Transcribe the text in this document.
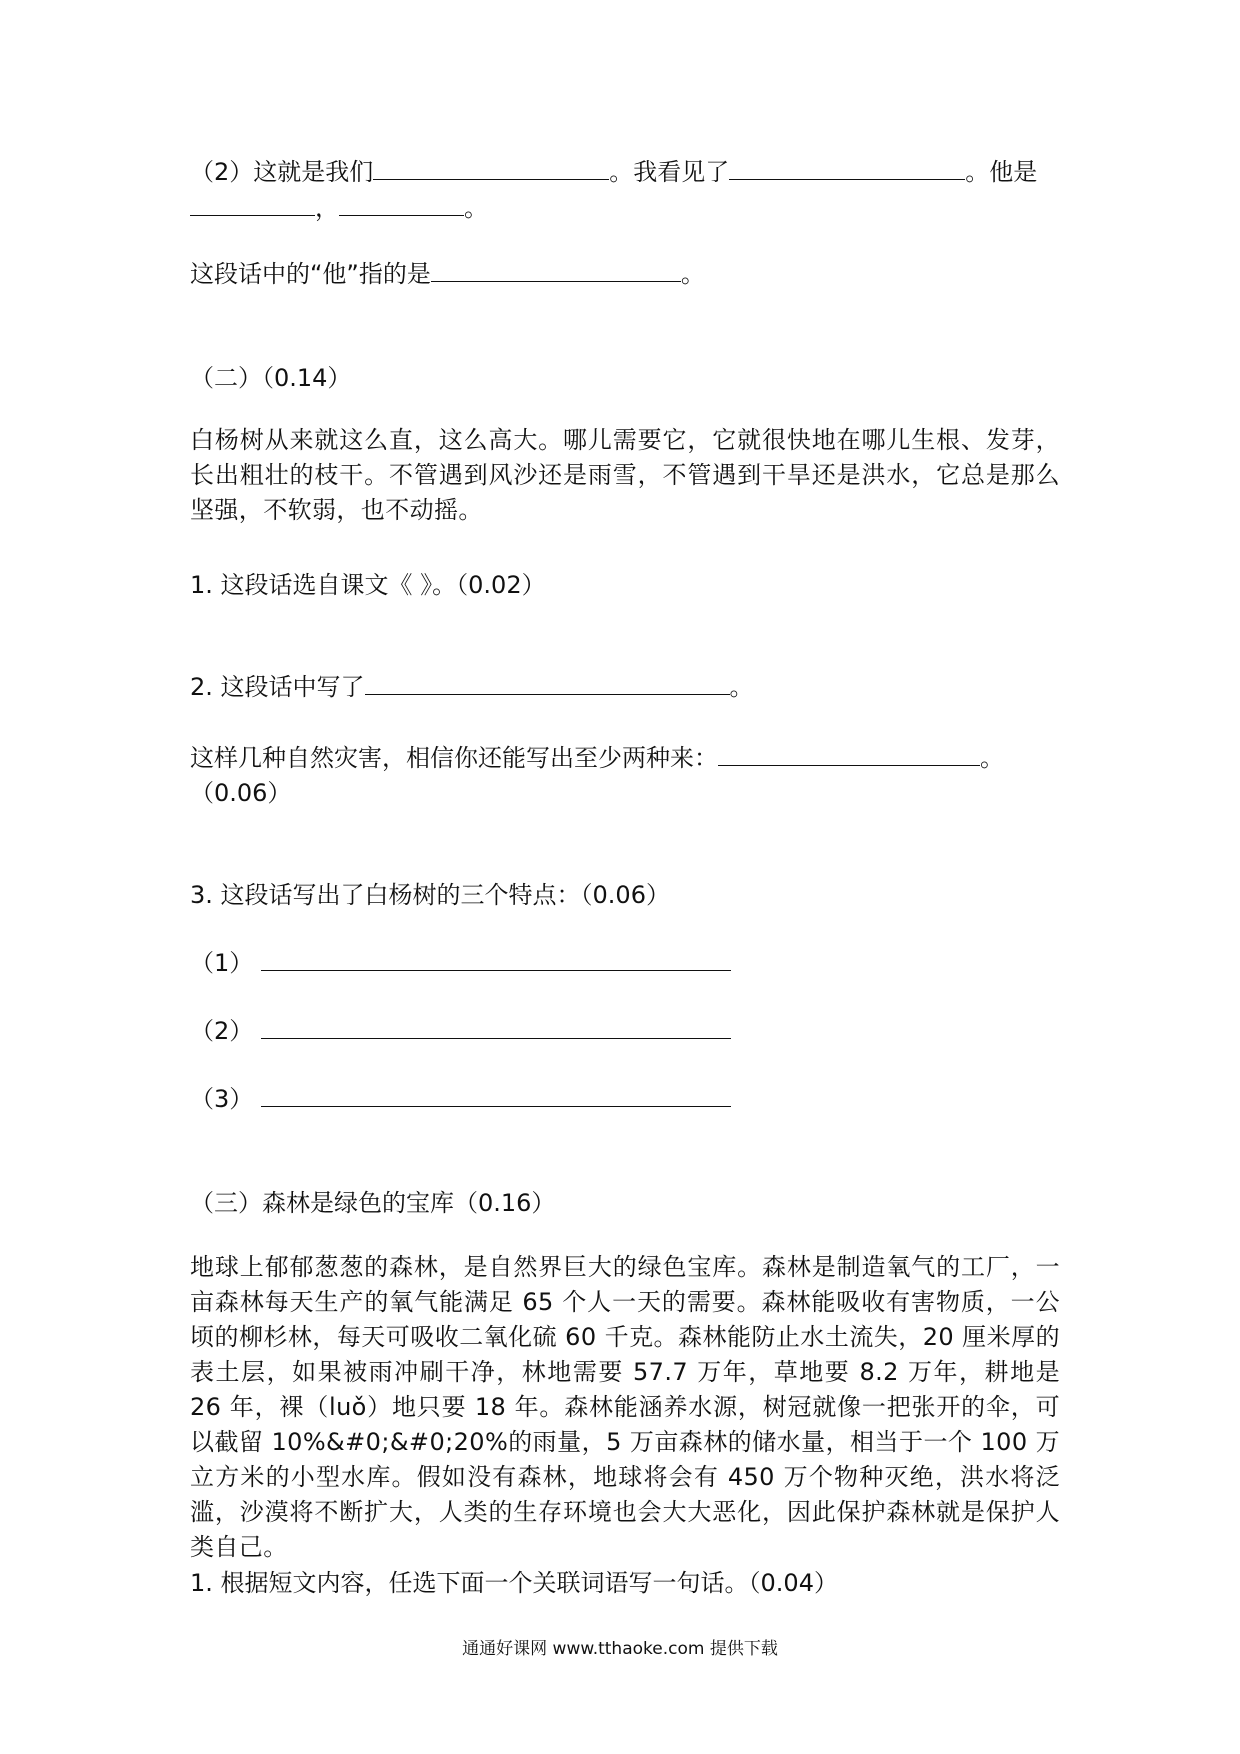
（2）这就是我们	。我看见了	。他是
，	。
这段话中的“他”指的是	。
（二）（0.14）

白杨树从来就这么直，这么高大。哪儿需要它，它就很快地在哪儿生根、发芽，长出粗壮的枝干。不管遇到风沙还是雨雪，不管遇到干旱还是洪水，它总是那么坚强，不软弱，也不动摇。

1. 这段话选自课文《 》。（0.02）
2. 这段话中写了	。
这样几种自然灾害，相信你还能写出至少两种来：	。
（0.06）
3. 这段话写出了白杨树的三个特点：（0.06）
（1）
（2）
（3）
（三）森林是绿色的宝库（0.16）

地球上郁郁葱葱的森林，是自然界巨大的绿色宝库。森林是制造氧气的工厂，一亩森林每天生产的氧气能满足 65 个人一天的需要。森林能吸收有害物质，一公顷的柳杉林，每天可吸收二氧化硫 60 千克。森林能防止水土流失，20 厘米厚的表土层，如果被雨冲刷干净，林地需要 57.7 万年，草地要 8.2 万年，耕地是 26 年，裸（luǒ）地只要 18 年。森林能涵养水源，树冠就像一把张开的伞，可以截留 10%&#0;&#0;20%的雨量，5 万亩森林的储水量，相当于一个 100 万立方米的小型水库。假如没有森林，地球将会有 450 万个物种灭绝，洪水将泛滥，沙漠将不断扩大，人类的生存环境也会大大恶化，因此保护森林就是保护人类自己。

1. 根据短文内容，任选下面一个关联词语写一句话。（0.04）
通通好课网 www.tthaoke.com 提供下载
